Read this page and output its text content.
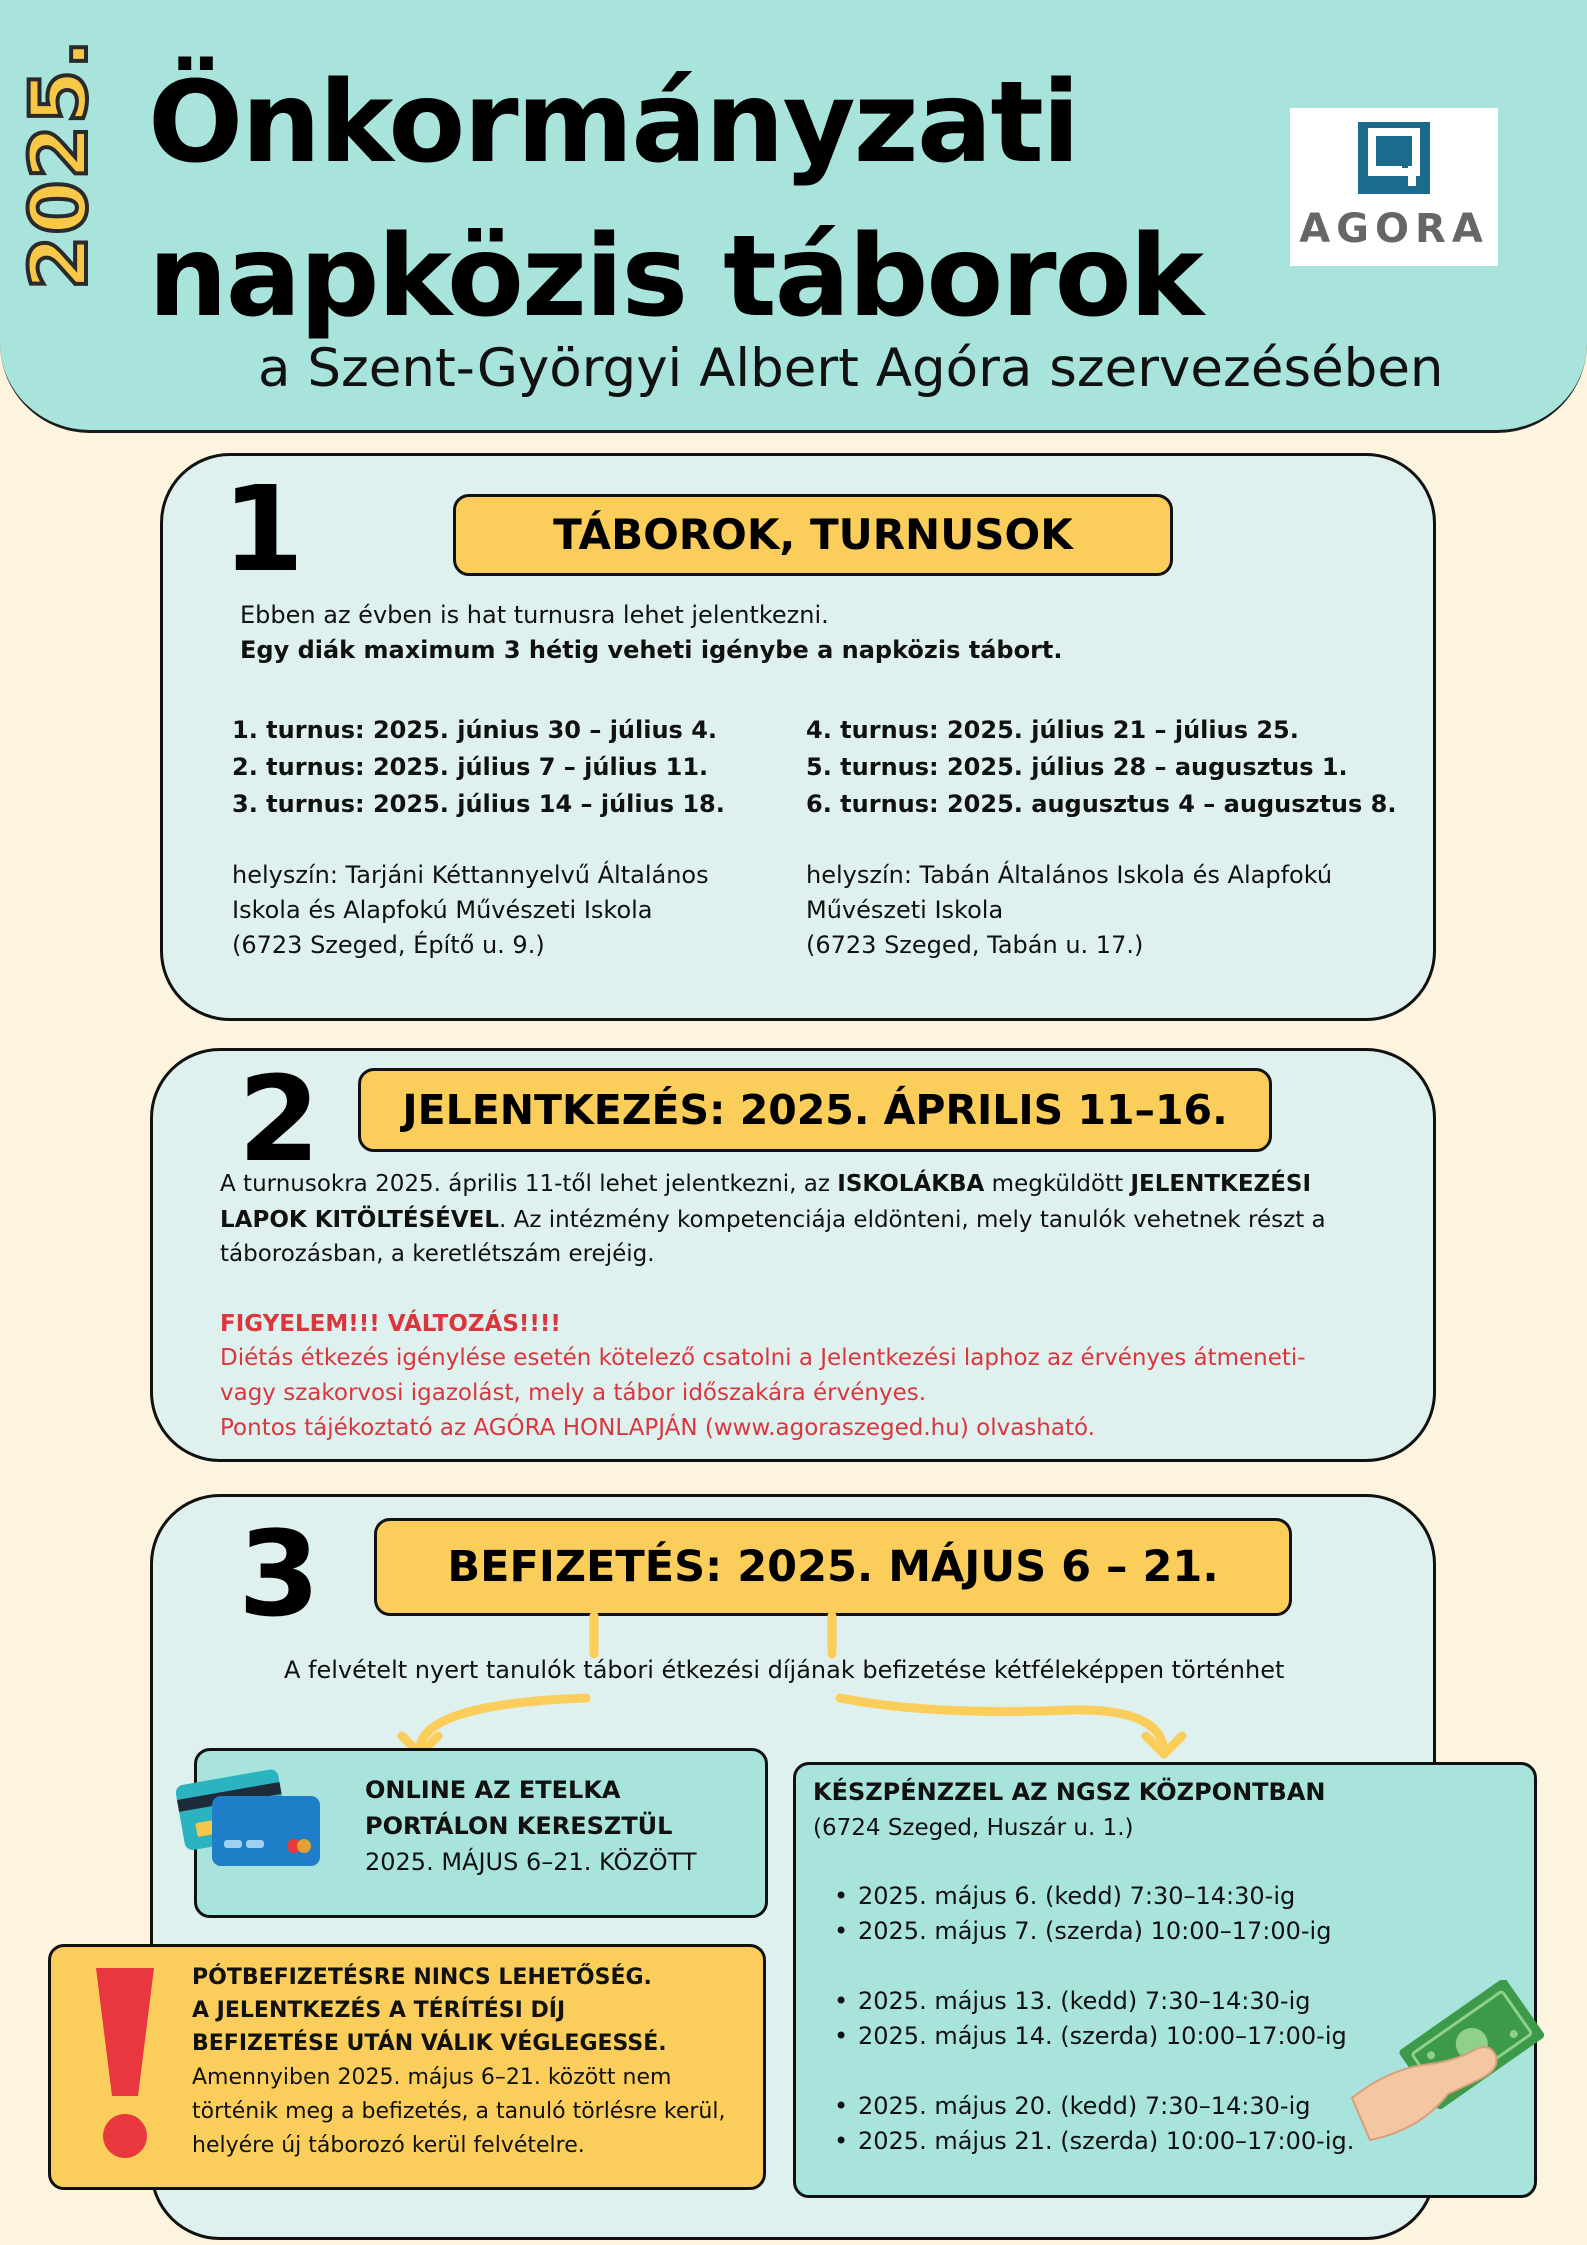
2025. Önkormányzati
napközis táborok
a Szent-Györgyi Albert Agóra szervezésében
AGORA
1	TÁBOROK, TURNUSOK
Ebben az évben is hat turnusra lehet jelentkezni.
Egy diák maximum 3 hétig veheti igénybe a napközis tábort.
1. turnus: 2025. június 30 – július 4.
2. turnus: 2025. július 7 – július 11.
3. turnus: 2025. július 14 – július 18.
4. turnus: 2025. július 21 – július 25.
5. turnus: 2025. július 28 – augusztus 1.
6. turnus: 2025. augusztus 4 – augusztus 8.
helyszín: Tarjáni Kéttannyelvű Általános
Iskola és Alapfokú Művészeti Iskola
(6723 Szeged, Építő u. 9.)
helyszín: Tabán Általános Iskola és Alapfokú
Művészeti Iskola
(6723 Szeged, Tabán u. 17.)
2	JELENTKEZÉS: 2025. ÁPRILIS 11–16.
A turnusokra 2025. április 11-től lehet jelentkezni, az ISKOLÁKBA megküldött JELENTKEZÉSI
LAPOK KITÖLTÉSÉVEL. Az intézmény kompetenciája eldönteni, mely tanulók vehetnek részt a
táborozásban, a keretlétszám erejéig.
FIGYELEM!!! VÁLTOZÁS!!!!
Diétás étkezés igénylése esetén kötelező csatolni a Jelentkezési laphoz az érvényes átmeneti-
vagy szakorvosi igazolást, mely a tábor időszakára érvényes.
Pontos tájékoztató az AGÓRA HONLAPJÁN (www.agoraszeged.hu) olvasható.
3	BEFIZETÉS: 2025. MÁJUS 6 – 21.
A felvételt nyert tanulók tábori étkezési díjának befizetése kétféleképpen történhet
ONLINE AZ ETELKA
PORTÁLON KERESZTÜL
2025. MÁJUS 6–21. KÖZÖTT
KÉSZPÉNZZEL AZ NGSZ KÖZPONTBAN
(6724 Szeged, Huszár u. 1.)
• 2025. május 6. (kedd) 7:30–14:30-ig
• 2025. május 7. (szerda) 10:00–17:00-ig
• 2025. május 13. (kedd) 7:30–14:30-ig
• 2025. május 14. (szerda) 10:00–17:00-ig
• 2025. május 20. (kedd) 7:30–14:30-ig
• 2025. május 21. (szerda) 10:00–17:00-ig.
PÓTBEFIZETÉSRE NINCS LEHETŐSÉG.
A JELENTKEZÉS A TÉRÍTÉSI DÍJ
BEFIZETÉSE UTÁN VÁLIK VÉGLEGESSÉ.
Amennyiben 2025. május 6–21. között nem
történik meg a befizetés, a tanuló törlésre kerül,
helyére új táborozó kerül felvételre.
